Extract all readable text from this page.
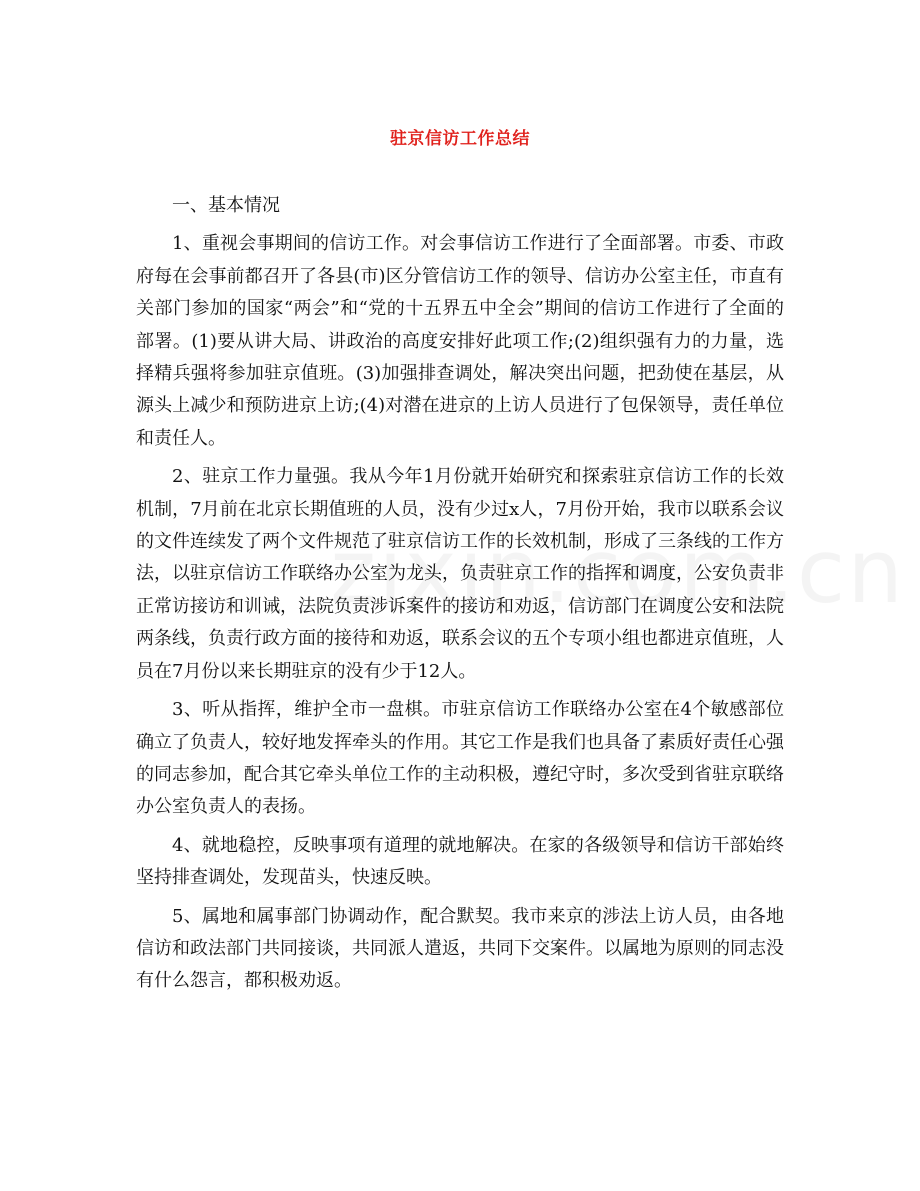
驻京信访工作总结

一、基本情况

1、重视会事期间的信访工作。对会事信访工作进行了全面部署。市委、市政府每在会事前都召开了各县(市)区分管信访工作的领导、信访办公室主任，市直有关部门参加的国家“两会”和“党的十五界五中全会”期间的信访工作进行了全面的部署。(1)要从讲大局、讲政治的高度安排好此项工作;(2)组织强有力的力量，选择精兵强将参加驻京值班。(3)加强排查调处，解决突出问题，把劲使在基层，从源头上减少和预防进京上访;(4)对潜在进京的上访人员进行了包保领导，责任单位和责任人。

2、驻京工作力量强。我从今年1月份就开始研究和探索驻京信访工作的长效机制，7月前在北京长期值班的人员，没有少过x人，7月份开始，我市以联系会议的文件连续发了两个文件规范了驻京信访工作的长效机制，形成了三条线的工作方法，以驻京信访工作联络办公室为龙头，负责驻京工作的指挥和调度，公安负责非正常访接访和训诫，法院负责涉诉案件的接访和劝返，信访部门在调度公安和法院两条线，负责行政方面的接待和劝返，联系会议的五个专项小组也都进京值班，人员在7月份以来长期驻京的没有少于12人。

3、听从指挥，维护全市一盘棋。市驻京信访工作联络办公室在4个敏感部位确立了负责人，较好地发挥牵头的作用。其它工作是我们也具备了素质好责任心强的同志参加，配合其它牵头单位工作的主动积极，遵纪守时，多次受到省驻京联络办公室负责人的表扬。

4、就地稳控，反映事项有道理的就地解决。在家的各级领导和信访干部始终坚持排查调处，发现苗头，快速反映。

5、属地和属事部门协调动作，配合默契。我市来京的涉法上访人员，由各地信访和政法部门共同接谈，共同派人遣返，共同下交案件。以属地为原则的同志没有什么怨言，都积极劝返。
